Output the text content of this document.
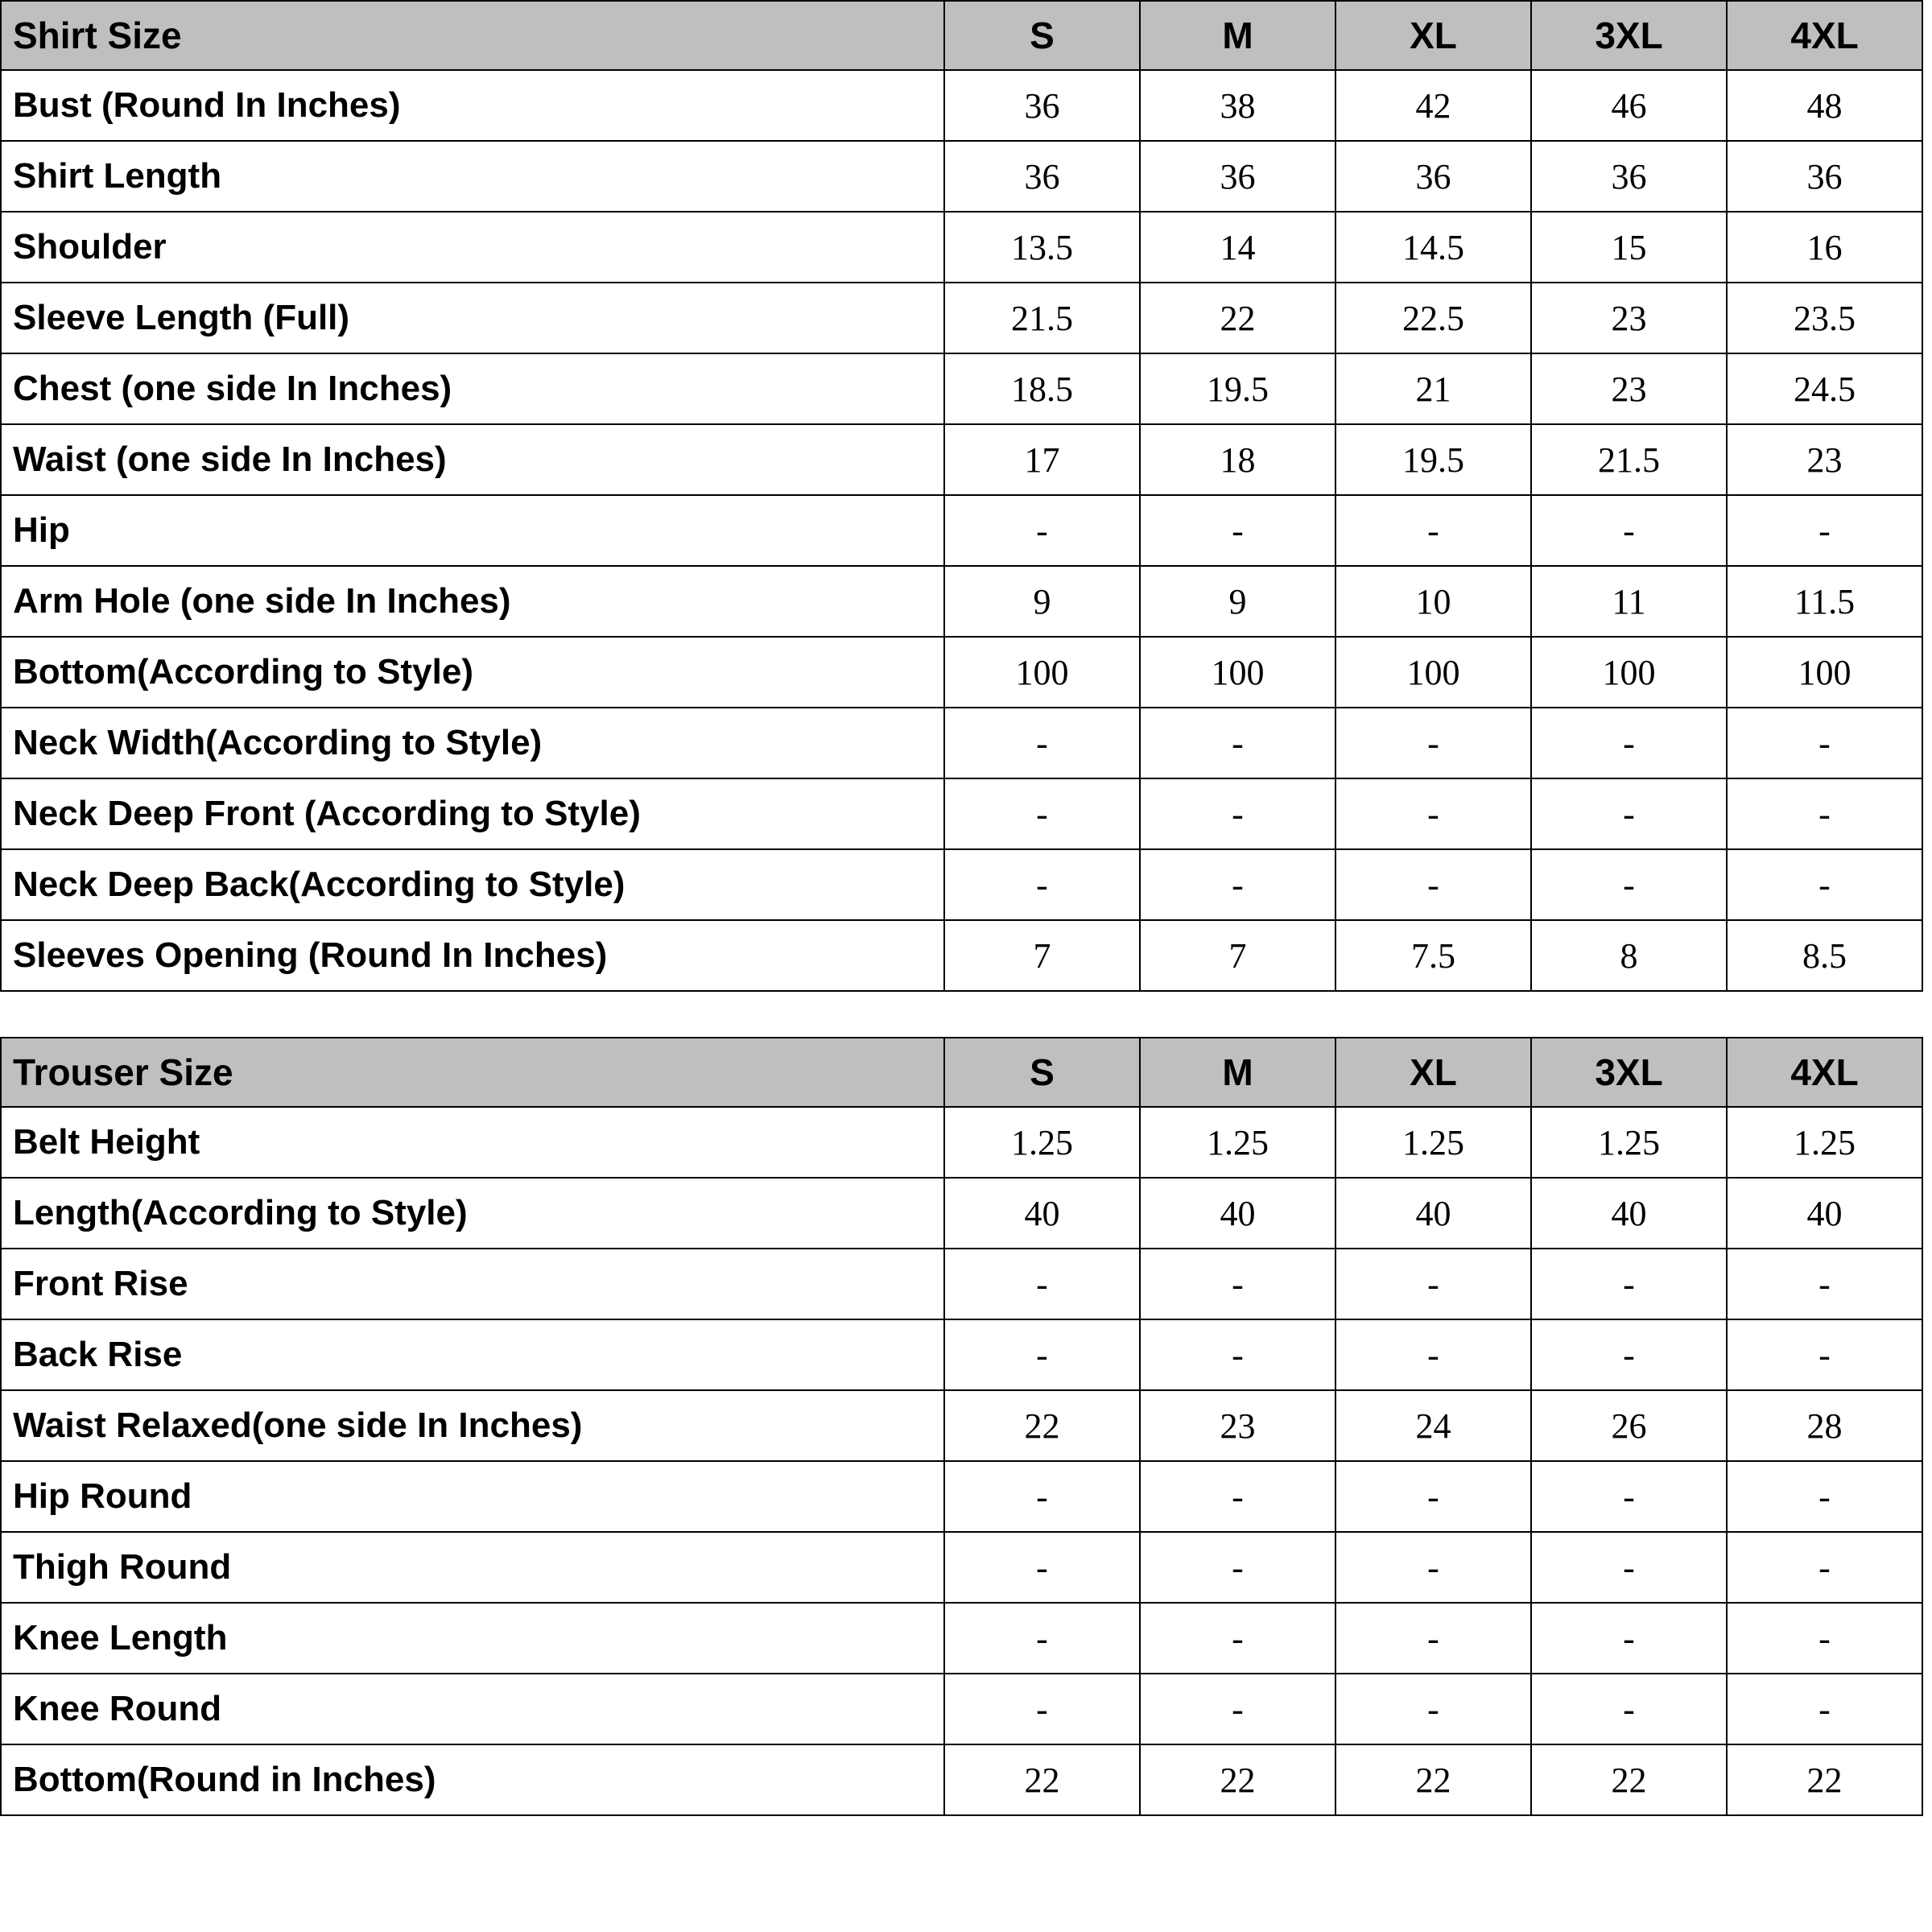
Shirt Size	S	M	XL	3XL	4XL
Bust (Round In Inches)	36	38	42	46	48
Shirt Length	36	36	36	36	36
Shoulder	13.5	14	14.5	15	16
Sleeve Length (Full)	21.5	22	22.5	23	23.5
Chest (one side In Inches)	18.5	19.5	21	23	24.5
Waist (one side In Inches)	17	18	19.5	21.5	23
Hip	-	-	-	-	-
Arm Hole (one side In Inches)	9	9	10	11	11.5
Bottom(According to Style)	100	100	100	100	100
Neck Width(According to Style)	-	-	-	-	-
Neck Deep Front (According to Style)	-	-	-	-	-
Neck Deep Back(According to Style)	-	-	-	-	-
Sleeves Opening (Round In Inches)	7	7	7.5	8	8.5
Trouser Size	S	M	XL	3XL	4XL
Belt Height	1.25	1.25	1.25	1.25	1.25
Length(According to Style)	40	40	40	40	40
Front Rise	-	-	-	-	-
Back Rise	-	-	-	-	-
Waist Relaxed(one side In Inches)	22	23	24	26	28
Hip Round	-	-	-	-	-
Thigh Round	-	-	-	-	-
Knee Length	-	-	-	-	-
Knee Round	-	-	-	-	-
Bottom(Round in Inches)	22	22	22	22	22
